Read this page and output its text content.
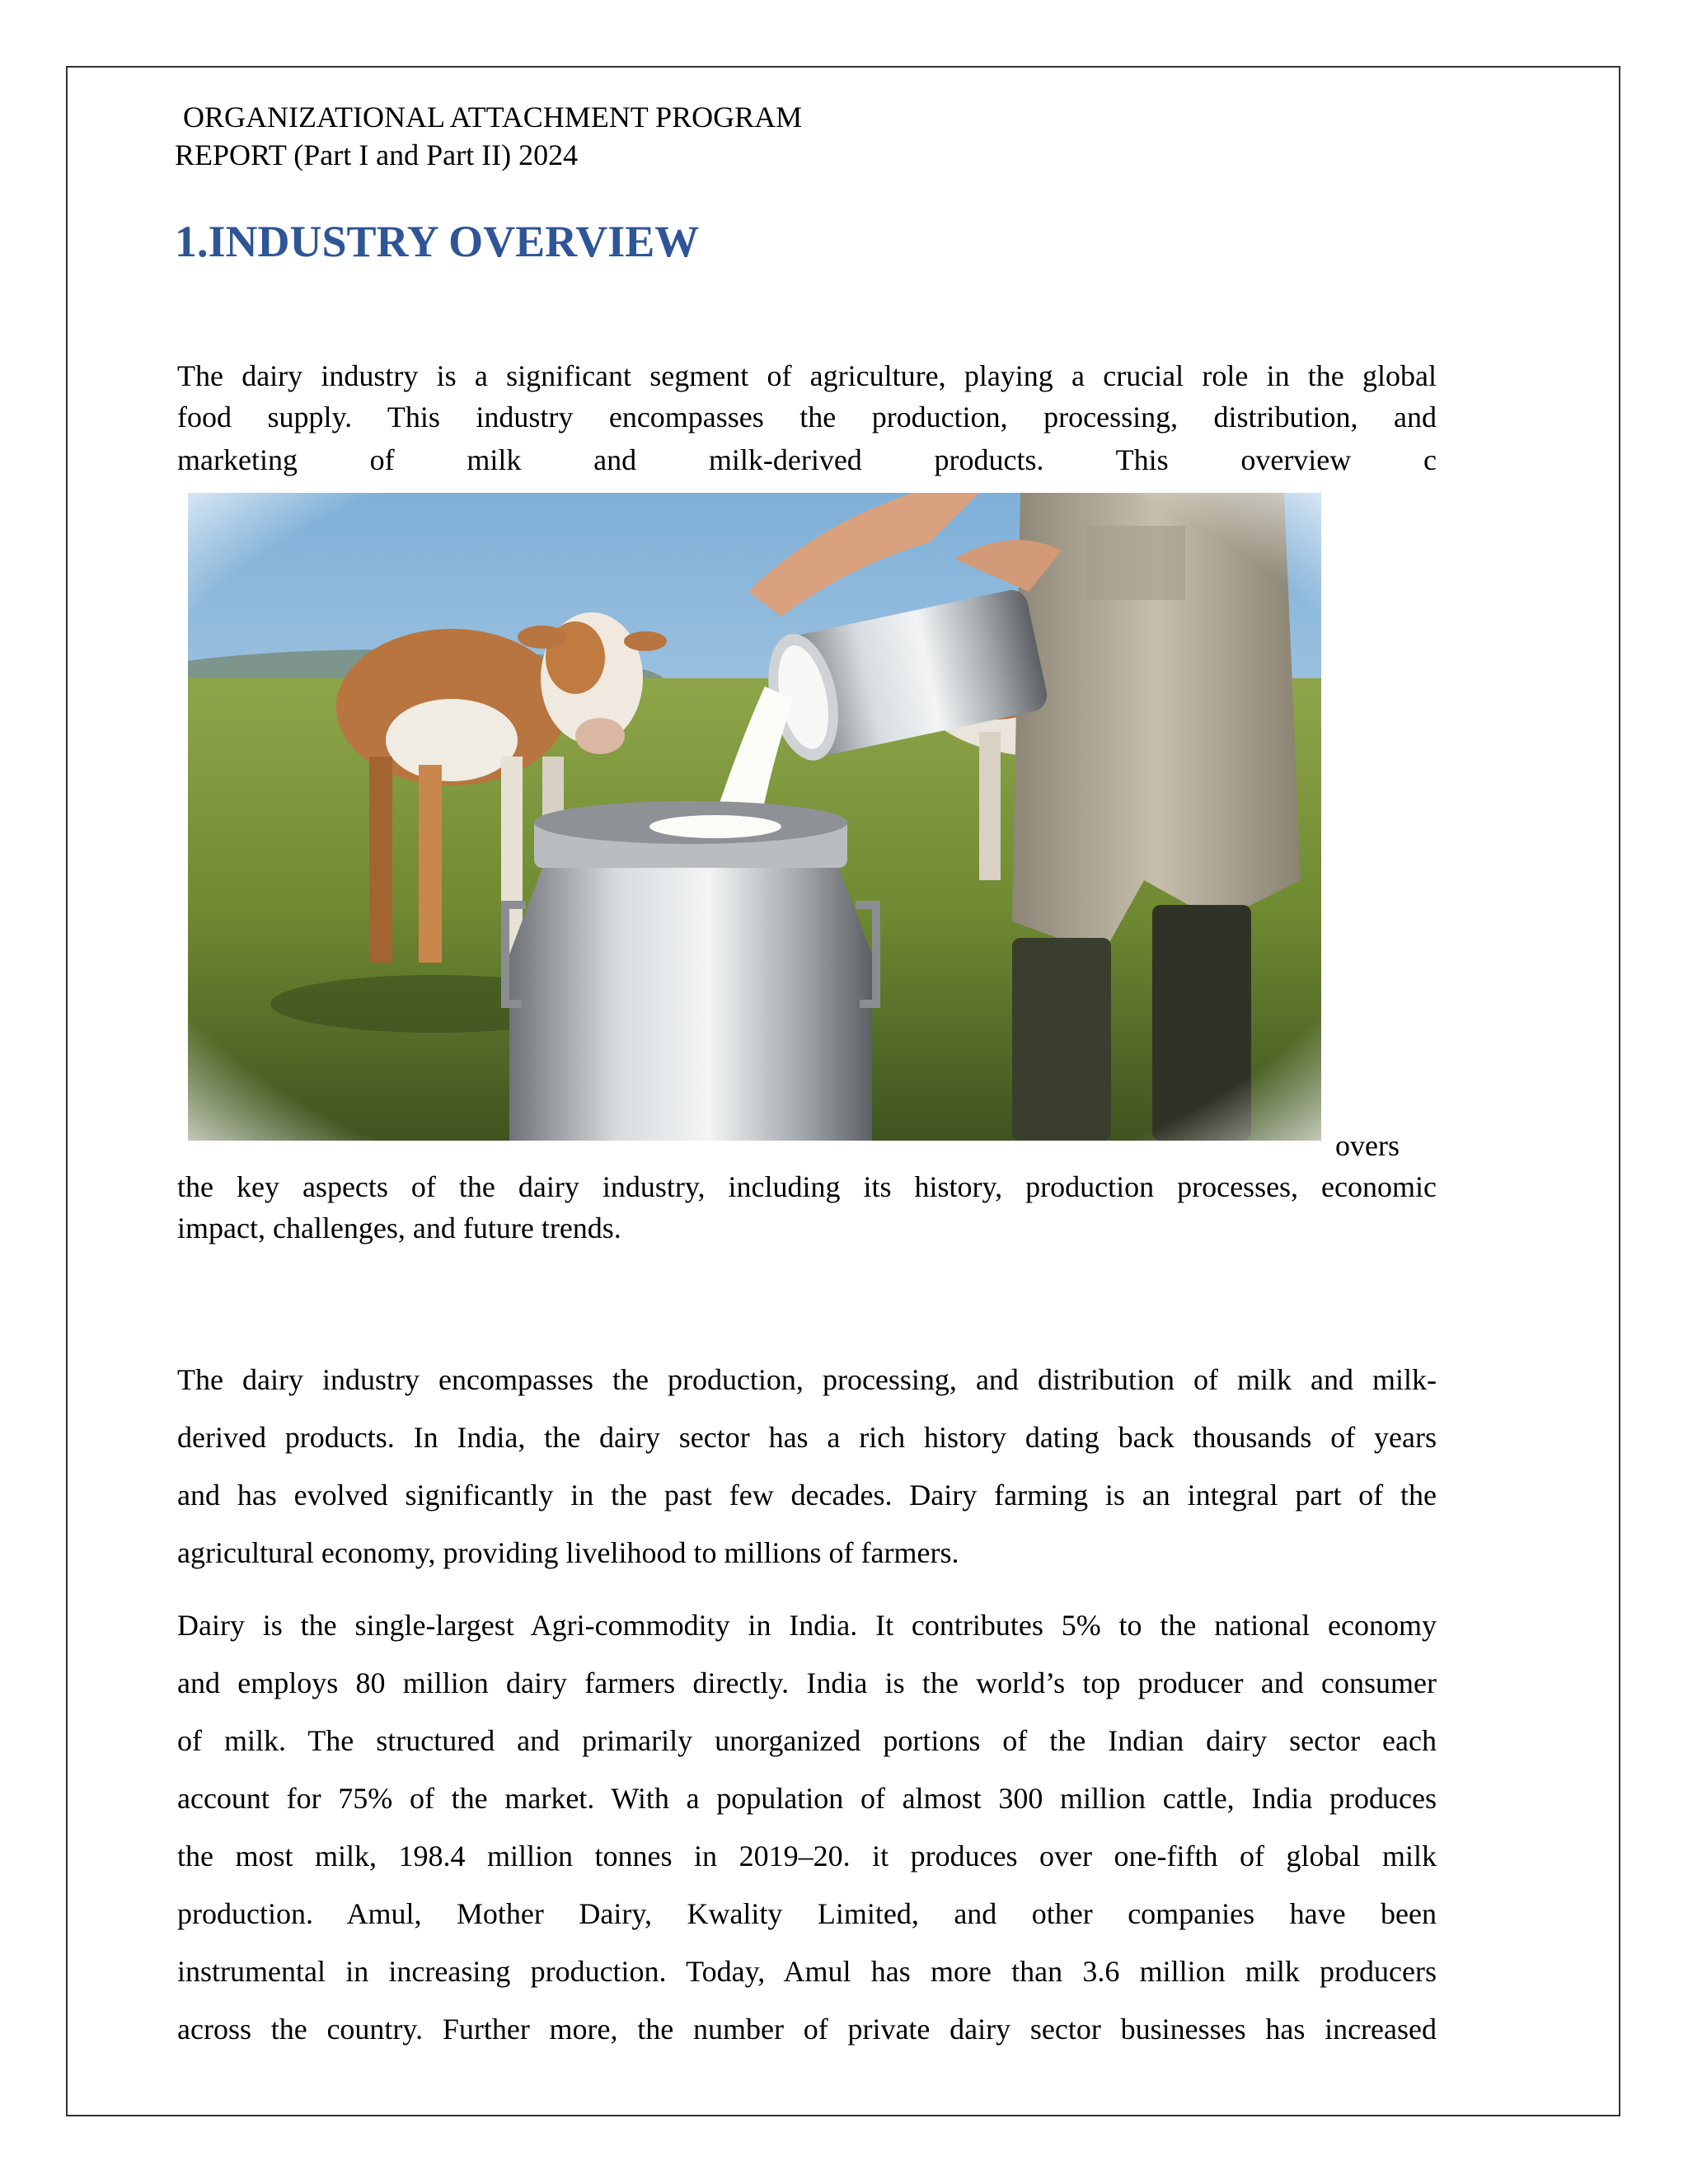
ORGANIZATIONAL ATTACHMENT PROGRAM
REPORT (Part I and Part II) 2024
1.INDUSTRY OVERVIEW
The dairy industry is a significant segment of agriculture, playing a crucial role in the global
food supply. This industry encompasses the production, processing, distribution, and
marketing of milk and milk-derived products. This overview c
overs
the key aspects of the dairy industry, including its history, production processes, economic
impact, challenges, and future trends.
The dairy industry encompasses the production, processing, and distribution of milk and milk-
derived products. In India, the dairy sector has a rich history dating back thousands of years
and has evolved significantly in the past few decades. Dairy farming is an integral part of the
agricultural economy, providing livelihood to millions of farmers.
Dairy is the single-largest Agri-commodity in India. It contributes 5% to the national economy
and employs 80 million dairy farmers directly. India is the world’s top producer and consumer
of milk. The structured and primarily unorganized portions of the Indian dairy sector each
account for 75% of the market. With a population of almost 300 million cattle, India produces
the most milk, 198.4 million tonnes in 2019–20. it produces over one-fifth of global milk
production. Amul, Mother Dairy, Kwality Limited, and other companies have been
instrumental in increasing production. Today, Amul has more than 3.6 million milk producers
across the country. Further more, the number of private dairy sector businesses has increased
